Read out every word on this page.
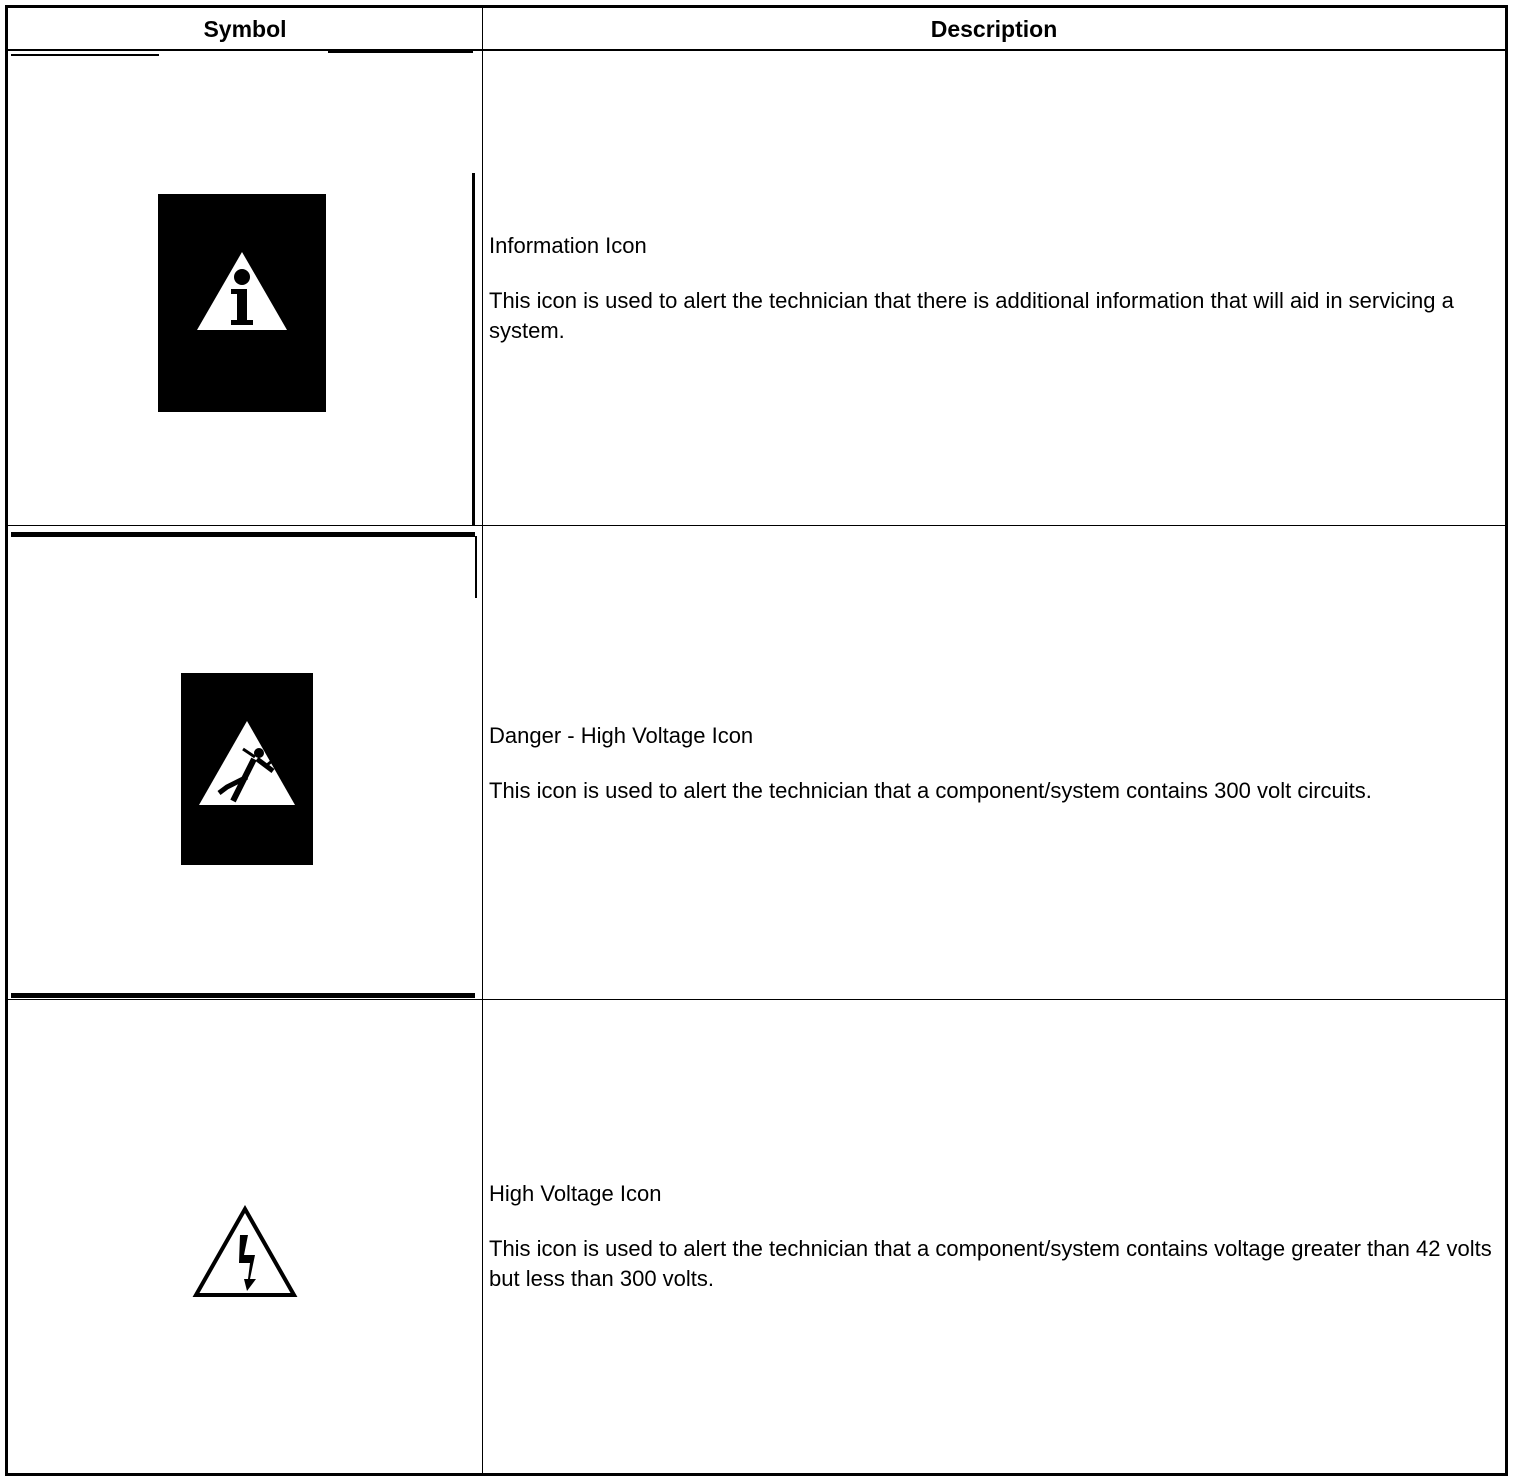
Symbol	Description

Information Icon

This icon is used to alert the technician that there is additional information that will aid in servicing a system.

Danger - High Voltage Icon

This icon is used to alert the technician that a component/system contains 300 volt circuits.

High Voltage Icon

This icon is used to alert the technician that a component/system contains voltage greater than 42 volts but less than 300 volts.
